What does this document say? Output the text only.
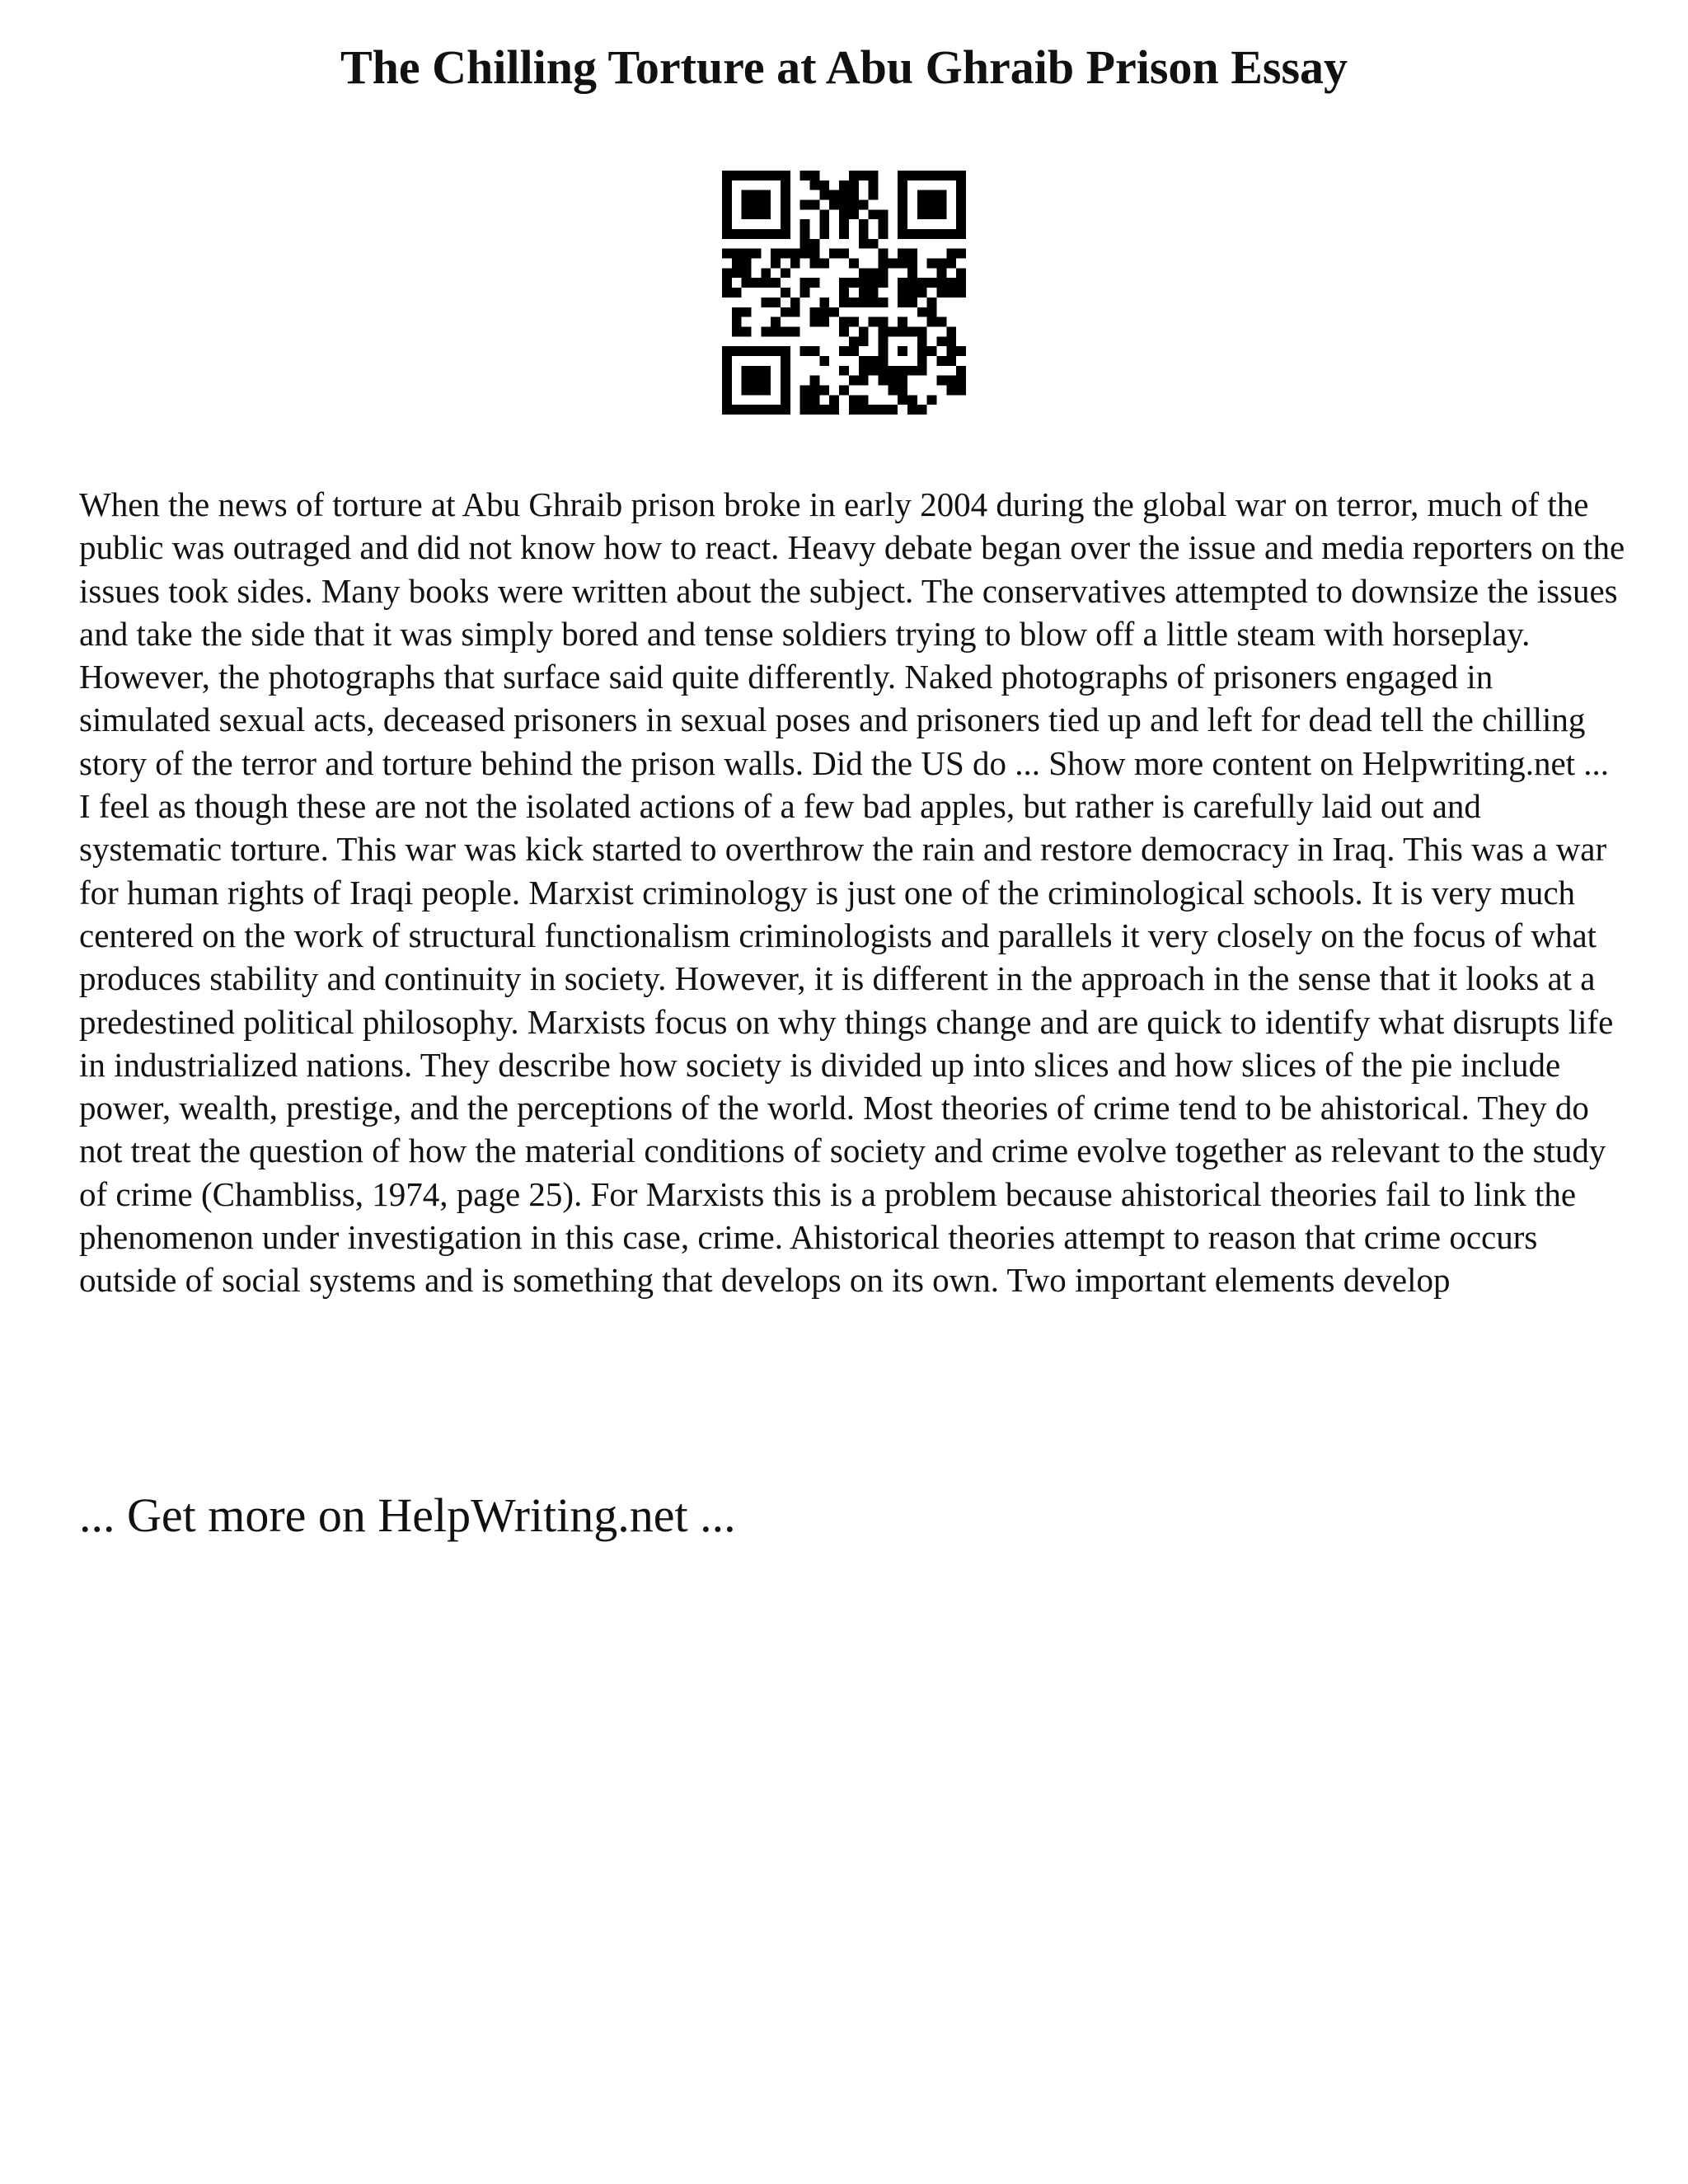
The Chilling Torture at Abu Ghraib Prison Essay

When the news of torture at Abu Ghraib prison broke in early 2004 during the global war on terror, much of the public was outraged and did not know how to react. Heavy debate began over the issue and media reporters on the issues took sides. Many books were written about the subject. The conservatives attempted to downsize the issues and take the side that it was simply bored and tense soldiers trying to blow off a little steam with horseplay. However, the photographs that surface said quite differently. Naked photographs of prisoners engaged in simulated sexual acts, deceased prisoners in sexual poses and prisoners tied up and left for dead tell the chilling story of the terror and torture behind the prison walls. Did the US do ... Show more content on Helpwriting.net ...

I feel as though these are not the isolated actions of a few bad apples, but rather is carefully laid out and systematic torture. This war was kick started to overthrow the rain and restore democracy in Iraq. This was a war for human rights of Iraqi people. Marxist criminology is just one of the criminological schools. It is very much centered on the work of structural functionalism criminologists and parallels it very closely on the focus of what produces stability and continuity in society. However, it is different in the approach in the sense that it looks at a predestined political philosophy. Marxists focus on why things change and are quick to identify what disrupts life in industrialized nations. They describe how society is divided up into slices and how slices of the pie include power, wealth, prestige, and the perceptions of the world. Most theories of crime tend to be ahistorical. They do not treat the question of how the material conditions of society and crime evolve together as relevant to the study of crime (Chambliss, 1974, page 25). For Marxists this is a problem because ahistorical theories fail to link the phenomenon under investigation in this case, crime. Ahistorical theories attempt to reason that crime occurs outside of social systems and is something that develops on its own. Two important elements develop

... Get more on HelpWriting.net ...
